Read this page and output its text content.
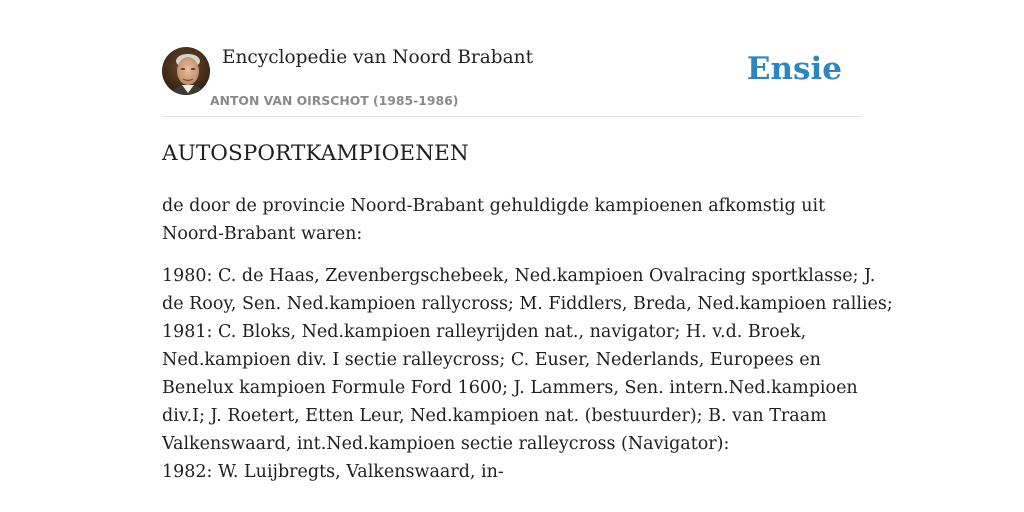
Encyclopedie van Noord Brabant
ANTON VAN OIRSCHOT (1985-1986)
Ensie
AUTOSPORTKAMPIOENEN

de door de provincie Noord-Brabant gehuldigde kampioenen afkomstig uit
Noord-Brabant waren:

1980: C. de Haas, Zevenbergschebeek, Ned.kampioen Ovalracing sportklasse; J.
de Rooy, Sen. Ned.kampioen rallycross; M. Fiddlers, Breda, Ned.kampioen rallies;
1981: C. Bloks, Ned.kampioen ralleyrijden nat., navigator; H. v.d. Broek,
Ned.kampioen div. I sectie ralleycross; C. Euser, Nederlands, Europees en
Benelux kampioen Formule Ford 1600; J. Lammers, Sen. intern.Ned.kampioen
div.I; J. Roetert, Etten Leur, Ned.kampioen nat. (bestuurder); B. van Traam
Valkenswaard, int.Ned.kampioen sectie ralleycross (Navigator):
1982: W. Luijbregts, Valkenswaard, in-
